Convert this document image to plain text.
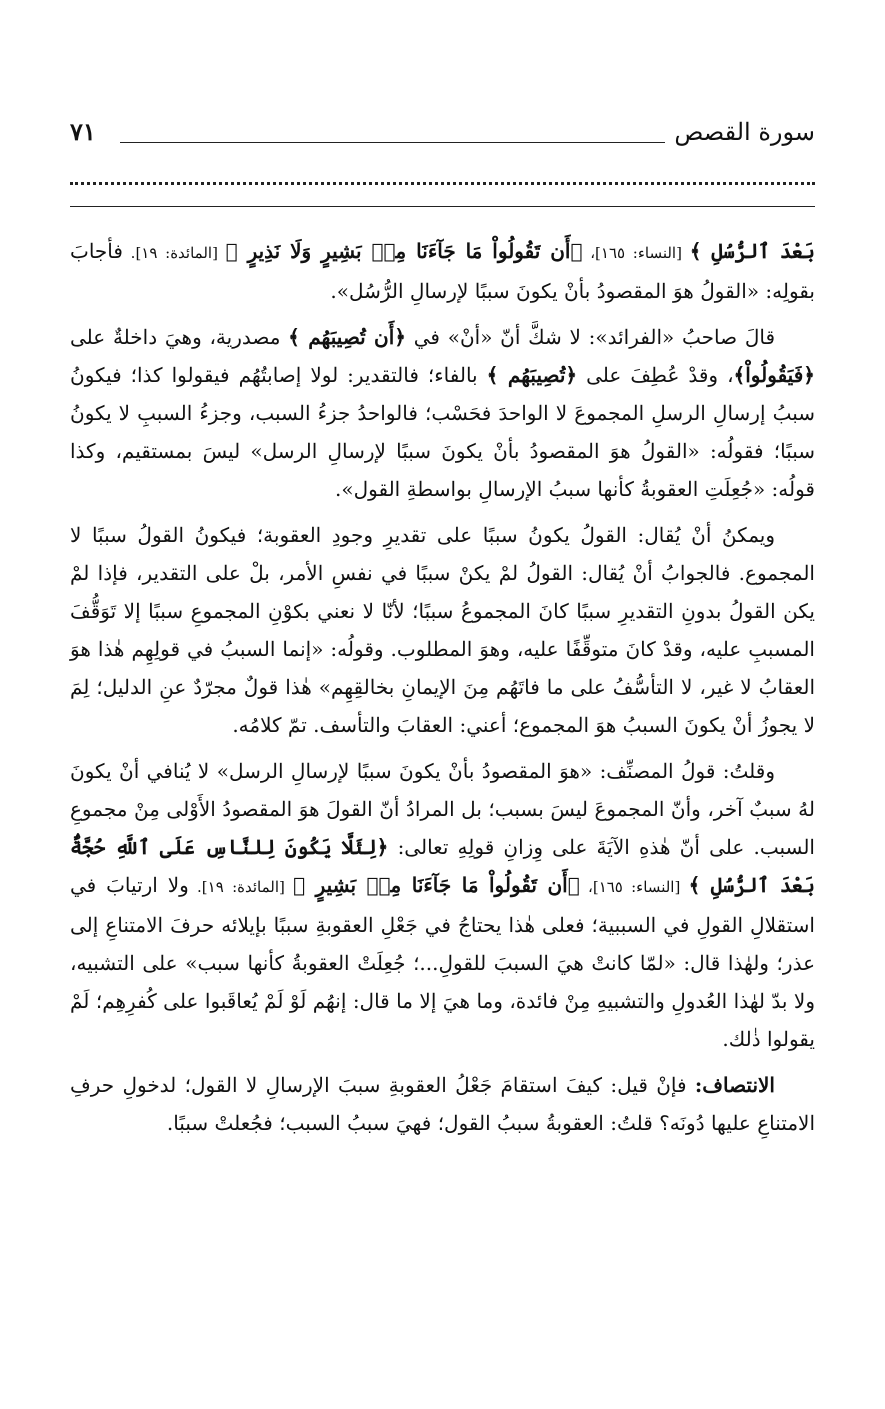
سورة القصص
٧١

بَعْدَ ٱلرُّسُلِ ﴾ [النساء: ١٦٥]، ﴿أَن تَقُولُواْ مَا جَآءَنَا مِنۢ بَشِيرٍ وَلَا نَذِيرٍ ﴾ [المائدة: ١٩]. فأجابَ بقولِه: «القولُ هوَ المقصودُ بأنْ يكونَ سببًا لإرسالِ الرُّسُل».

قالَ صاحبُ «الفرائد»: لا شكَّ أنّ «أنْ» في ﴿أَن تُصِيبَهُم ﴾ مصدرية، وهيَ داخلةٌ على ﴿فَيَقُولُواْ﴾، وقدْ عُطِفَ على ﴿تُصِيبَهُم ﴾ بالفاء؛ فالتقدير: لولا إصابتُهُم فيقولوا كذا؛ فيكونُ سببُ إرسالِ الرسلِ المجموعَ لا الواحدَ فحَسْب؛ فالواحدُ جزءُ السبب، وجزءُ السببِ لا يكونُ سببًا؛ فقولُه: «القولُ هوَ المقصودُ بأنْ يكونَ سببًا لإرسالِ الرسل» ليسَ بمستقيم، وكذا قولُه: «جُعِلَتِ العقوبةُ كأنها سببُ الإرسالِ بواسطةِ القول».

ويمكنُ أنْ يُقال: القولُ يكونُ سببًا على تقديرِ وجودِ العقوبة؛ فيكونُ القولُ سببًا لا المجموع. فالجوابُ أنْ يُقال: القولُ لمْ يكنْ سببًا في نفسِ الأمر، بلْ على التقدير، فإذا لمْ يكن القولُ بدونِ التقديرِ سببًا كانَ المجموعُ سببًا؛ لأنّا لا نعني بكوْنِ المجموعِ سببًا إلا تَوَقُّفَ المسببِ عليه، وقدْ كانَ متوقِّفًا عليه، وهوَ المطلوب. وقولُه: «إنما السببُ في قولِهِم هٰذا هوَ العقابُ لا غير، لا التأسُّفُ على ما فاتَهُم مِنَ الإيمانِ بخالقِهِم» هٰذا قولٌ مجرّدٌ عنِ الدليل؛ لِمَ لا يجوزُ أنْ يكونَ السببُ هوَ المجموع؛ أعني: العقابَ والتأسف. تمّ كلامُه.

وقلتُ: قولُ المصنِّف: «هوَ المقصودُ بأنْ يكونَ سببًا لإرسالِ الرسل» لا يُنافي أنْ يكونَ لهُ سببٌ آخر، وأنّ المجموعَ ليسَ بسبب؛ بل المرادُ أنّ القولَ هوَ المقصودُ الأَوْلى مِنْ مجموعِ السبب. على أنّ هٰذهِ الآيَةَ على وِزانِ قولِهِ تعالى: ﴿لِئَلَّا يَكُونَ لِلنَّاسِ عَلَى ٱللَّهِ حُجَّةٌۢ بَعْدَ ٱلرُّسُلِ ﴾ [النساء: ١٦٥]، ﴿أَن تَقُولُواْ مَا جَآءَنَا مِنۢ بَشِيرٍ ﴾ [المائدة: ١٩]. ولا ارتيابَ في استقلالِ القولِ في السببية؛ فعلى هٰذا يحتاجُ في جَعْلِ العقوبةِ سببًا بإيلائه حرفَ الامتناعِ إلى عذر؛ ولهٰذا قال: «لمّا كانتْ هيَ السببَ للقولِ...؛ جُعِلَتْ العقوبةُ كأنها سبب» على التشبيه، ولا بدّ لهٰذا العُدولِ والتشبيهِ مِنْ فائدة، وما هيَ إلا ما قال: إنهُم لَوْ لَمْ يُعاقَبوا على كُفرِهِم؛ لَمْ يقولوا ذٰلك.

الانتصاف: فإنْ قيل: كيفَ استقامَ جَعْلُ العقوبةِ سببَ الإرسالِ لا القول؛ لدخولِ حرفِ الامتناعِ عليها دُونَه؟ قلتُ: العقوبةُ سببُ القول؛ فهيَ سببُ السبب؛ فجُعلتْ سببًا.
